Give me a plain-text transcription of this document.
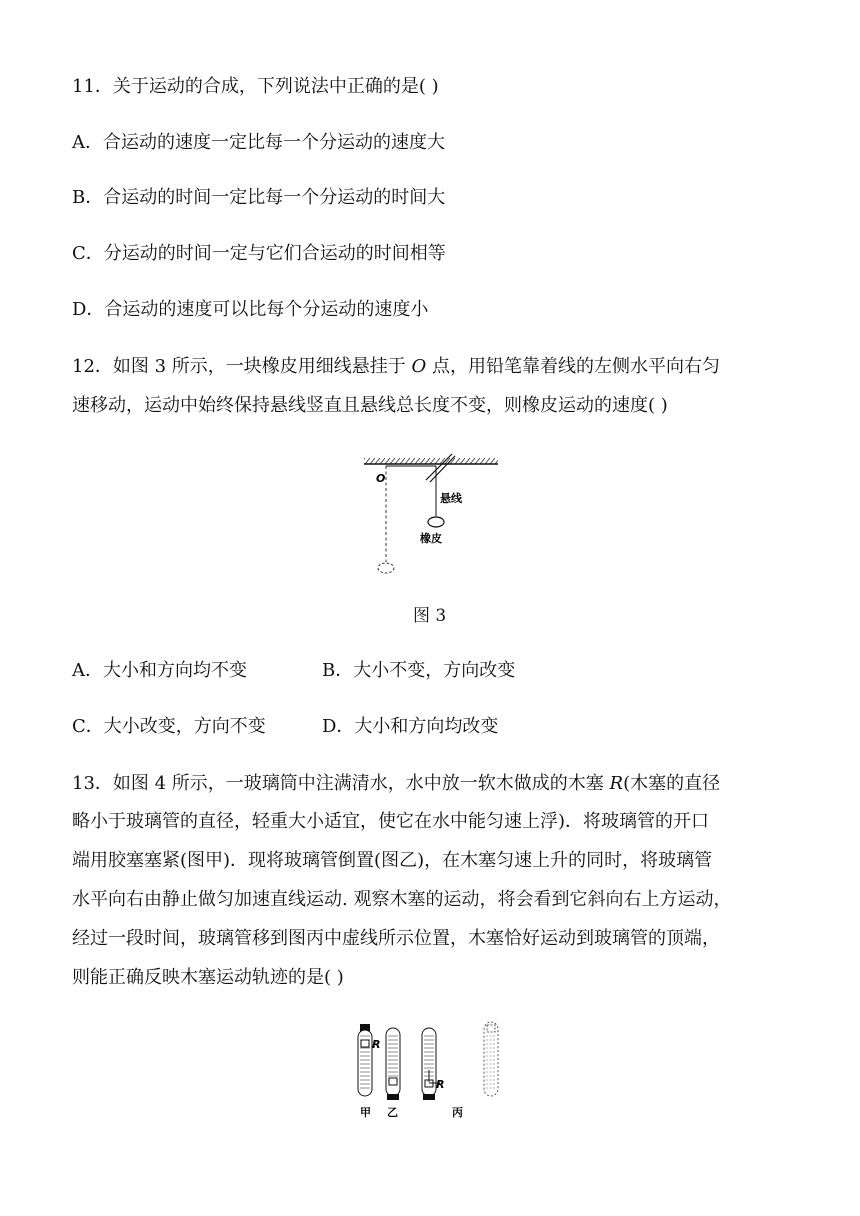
11．关于运动的合成，下列说法中正确的是( )
A．合运动的速度一定比每一个分运动的速度大
B．合运动的时间一定比每一个分运动的时间大
C．分运动的时间一定与它们合运动的时间相等
D．合运动的速度可以比每个分运动的速度小
12．如图 3 所示，一块橡皮用细线悬挂于 O 点，用铅笔靠着线的左侧水平向右匀
速移动，运动中始终保持悬线竖直且悬线总长度不变，则橡皮运动的速度( )
O
悬线
橡皮
图 3
A．大小和方向均不变	B．大小不变，方向改变
C．大小改变，方向不变	D．大小和方向均改变
13．如图 4 所示，一玻璃筒中注满清水，水中放一软木做成的木塞 R(木塞的直径
略小于玻璃管的直径，轻重大小适宜，使它在水中能匀速上浮)．将玻璃管的开口
端用胶塞塞紧(图甲)．现将玻璃管倒置(图乙)，在木塞匀速上升的同时，将玻璃管
水平向右由静止做匀加速直线运动. 观察木塞的运动，将会看到它斜向右上方运动，
经过一段时间，玻璃管移到图丙中虚线所示位置，木塞恰好运动到玻璃管的顶端，
则能正确反映木塞运动轨迹的是( )
R
R
甲 乙	丙
